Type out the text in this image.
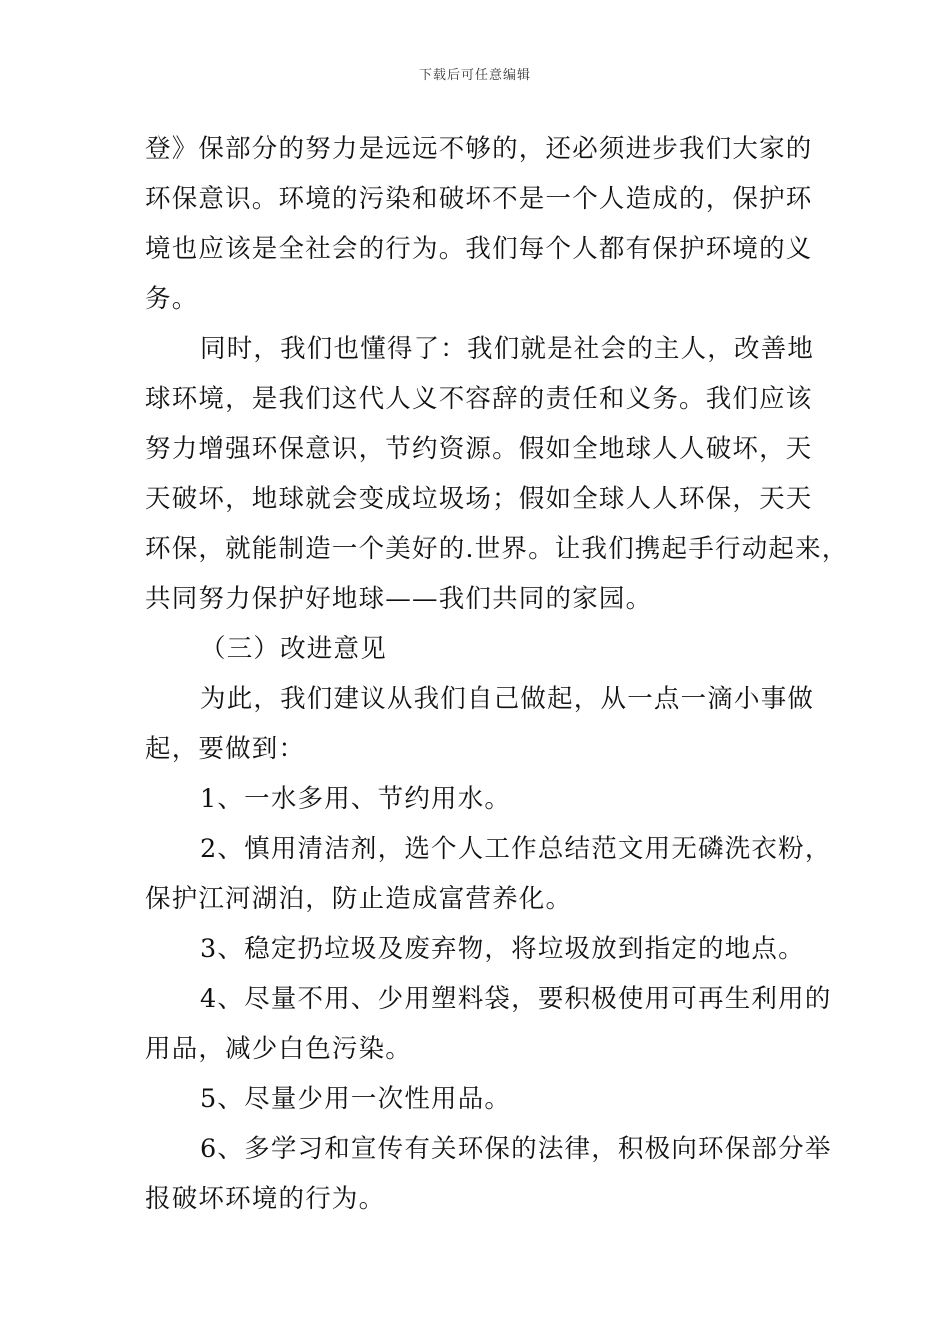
下载后可任意编辑

登》保部分的努力是远远不够的，还必须进步我们大家的
环保意识。环境的污染和破坏不是一个人造成的，保护环
境也应该是全社会的行为。我们每个人都有保护环境的义
务。

同时，我们也懂得了：我们就是社会的主人，改善地
球环境，是我们这代人义不容辞的责任和义务。我们应该
努力增强环保意识，节约资源。假如全地球人人破坏，天
天破坏，地球就会变成垃圾场；假如全球人人环保，天天
环保，就能制造一个美好的.世界。让我们携起手行动起来，
共同努力保护好地球——我们共同的家园。

（三）改进意见

为此，我们建议从我们自己做起，从一点一滴小事做
起，要做到：

1、一水多用、节约用水。

2、慎用清洁剂，选个人工作总结范文用无磷洗衣粉，
保护江河湖泊，防止造成富营养化。

3、稳定扔垃圾及废弃物，将垃圾放到指定的地点。

4、尽量不用、少用塑料袋，要积极使用可再生利用的
用品，减少白色污染。

5、尽量少用一次性用品。

6、多学习和宣传有关环保的法律，积极向环保部分举
报破坏环境的行为。
